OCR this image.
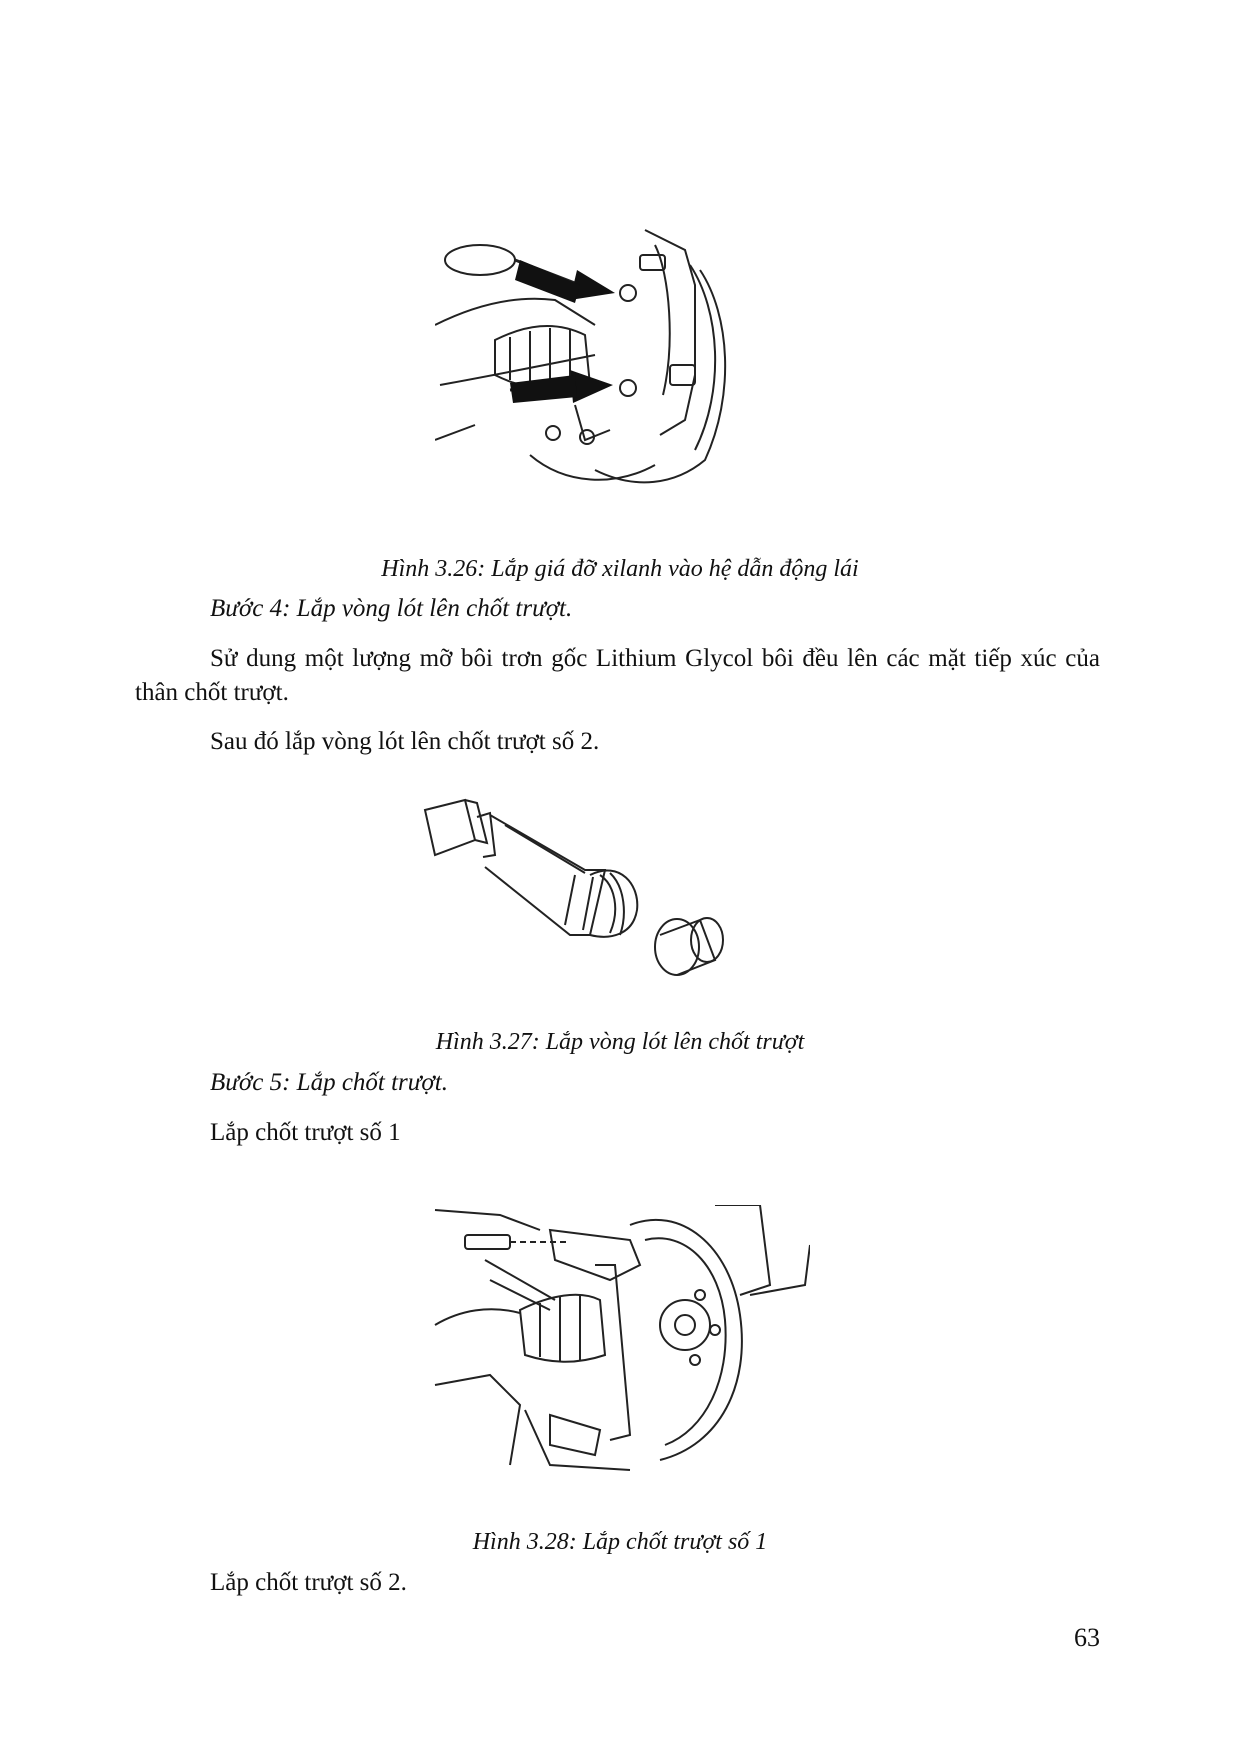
Hình 3.26: Lắp giá đỡ xilanh vào hệ dẫn động lái

Bước 4: Lắp vòng lót lên chốt trượt.

Sử dung một lượng mỡ bôi trơn gốc Lithium Glycol bôi đều lên các mặt tiếp xúc của thân chốt trượt.

Sau đó lắp vòng lót lên chốt trượt số 2.

Hình 3.27: Lắp vòng lót lên chốt trượt

Bước 5: Lắp chốt trượt.

Lắp chốt trượt số 1

Hình 3.28: Lắp chốt trượt số 1

Lắp chốt trượt số 2.

63
